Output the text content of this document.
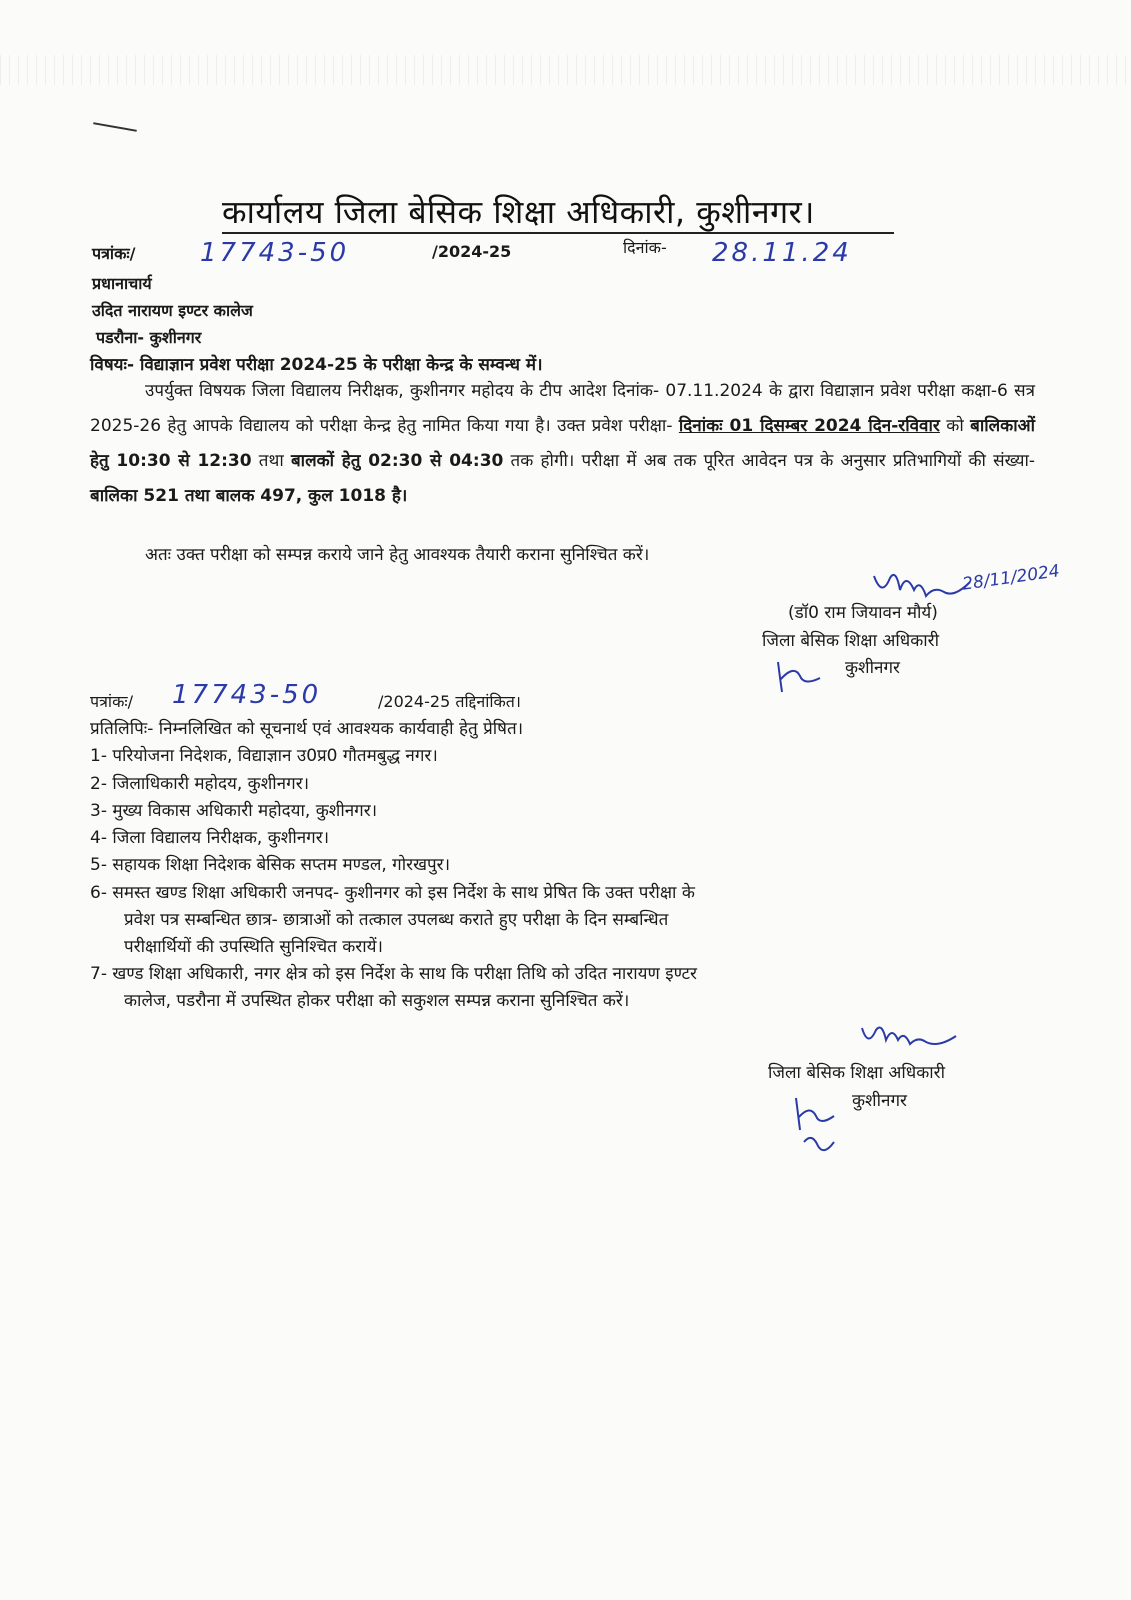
कार्यालय जिला बेसिक शिक्षा अधिकारी, कुशीनगर।
पत्रांकः/ 17743-50	/2024-25	दिनांक- 28.11.24
प्रधानाचार्य
उदित नारायण इण्टर कालेज
पडरौना- कुशीनगर
विषयः- विद्याज्ञान प्रवेश परीक्षा 2024-25 के परीक्षा केन्द्र के सम्वन्ध में।
उपर्युक्त विषयक जिला विद्यालय निरीक्षक, कुशीनगर महोदय के टीप आदेश दिनांक- 07.11.2024 के द्वारा विद्याज्ञान प्रवेश परीक्षा कक्षा-6 सत्र 2025-26 हेतु आपके विद्यालय को परीक्षा केन्द्र हेतु नामित किया गया है। उक्त प्रवेश परीक्षा- दिनांकः 01 दिसम्बर 2024 दिन-रविवार को बालिकाओं हेतु 10:30 से 12:30 तथा बालकों हेतु 02:30 से 04:30 तक होगी। परीक्षा में अब तक पूरित आवेदन पत्र के अनुसार प्रतिभागियों की संख्या- बालिका 521 तथा बालक 497, कुल 1018 है।
अतः उक्त परीक्षा को सम्पन्न कराये जाने हेतु आवश्यक तैयारी कराना सुनिश्चित करें।
28/11/2024
(डॉ0 राम जियावन मौर्य)
जिला बेसिक शिक्षा अधिकारी
कुशीनगर
पत्रांकः/ 17743-50	/2024-25 तद्दिनांकित।
प्रतिलिपिः- निम्नलिखित को सूचनार्थ एवं आवश्यक कार्यवाही हेतु प्रेषित।
1- परियोजना निदेशक, विद्याज्ञान उ0प्र0 गौतमबुद्ध नगर।
2- जिलाधिकारी महोदय, कुशीनगर।
3- मुख्य विकास अधिकारी महोदया, कुशीनगर।
4- जिला विद्यालय निरीक्षक, कुशीनगर।
5- सहायक शिक्षा निदेशक बेसिक सप्तम मण्डल, गोरखपुर।
6- समस्त खण्ड शिक्षा अधिकारी जनपद- कुशीनगर को इस निर्देश के साथ प्रेषित कि उक्त परीक्षा के
प्रवेश पत्र सम्बन्धित छात्र- छात्राओं को तत्काल उपलब्ध कराते हुए परीक्षा के दिन सम्बन्धित
परीक्षार्थियों की उपस्थिति सुनिश्चित करायें।
7- खण्ड शिक्षा अधिकारी, नगर क्षेत्र को इस निर्देश के साथ कि परीक्षा तिथि को उदित नारायण इण्टर
कालेज, पडरौना में उपस्थित होकर परीक्षा को सकुशल सम्पन्न कराना सुनिश्चित करें।
जिला बेसिक शिक्षा अधिकारी
कुशीनगर
